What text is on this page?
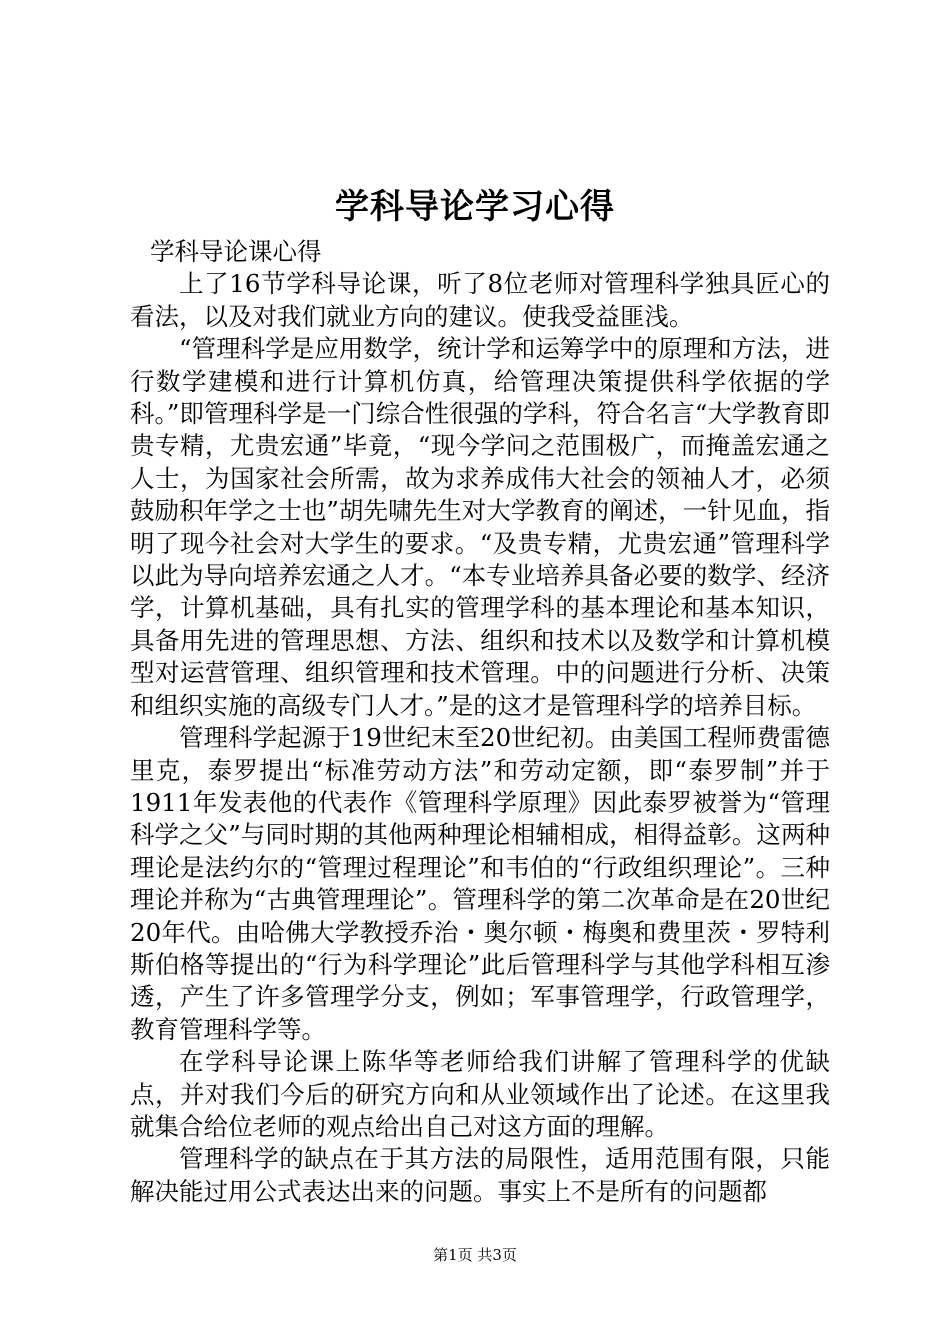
学科导论学习心得

学科导论课心得

上了16节学科导论课，听了8位老师对管理科学独具匠心的看法，以及对我们就业方向的建议。使我受益匪浅。

“管理科学是应用数学，统计学和运筹学中的原理和方法，进行数学建模和进行计算机仿真，给管理决策提供科学依据的学科。”即管理科学是一门综合性很强的学科，符合名言“大学教育即贵专精，尤贵宏通”毕竟，“现今学问之范围极广，而掩盖宏通之人士，为国家社会所需，故为求养成伟大社会的领袖人才，必须鼓励积年学之士也”胡先啸先生对大学教育的阐述，一针见血，指明了现今社会对大学生的要求。“及贵专精，尤贵宏通”管理科学以此为导向培养宏通之人才。“本专业培养具备必要的数学、经济学，计算机基础，具有扎实的管理学科的基本理论和基本知识，具备用先进的管理思想、方法、组织和技术以及数学和计算机模型对运营管理、组织管理和技术管理。中的问题进行分析、决策和组织实施的高级专门人才。”是的这才是管理科学的培养目标。

管理科学起源于19世纪末至20世纪初。由美国工程师费雷德里克，泰罗提出“标准劳动方法”和劳动定额，即“泰罗制”并于1911年发表他的代表作《管理科学原理》因此泰罗被誉为“管理科学之父”与同时期的其他两种理论相辅相成，相得益彰。这两种理论是法约尔的“管理过程理论”和韦伯的“行政组织理论”。三种理论并称为“古典管理理论”。管理科学的第二次革命是在20世纪20年代。由哈佛大学教授乔治・奥尔顿・梅奥和费里茨・罗特利斯伯格等提出的“行为科学理论”此后管理科学与其他学科相互渗透，产生了许多管理学分支，例如；军事管理学，行政管理学，教育管理科学等。

在学科导论课上陈华等老师给我们讲解了管理科学的优缺点，并对我们今后的研究方向和从业领域作出了论述。在这里我就集合给位老师的观点给出自己对这方面的理解。

管理科学的缺点在于其方法的局限性，适用范围有限，只能解决能过用公式表达出来的问题。事实上不是所有的问题都

第1页 共3页
